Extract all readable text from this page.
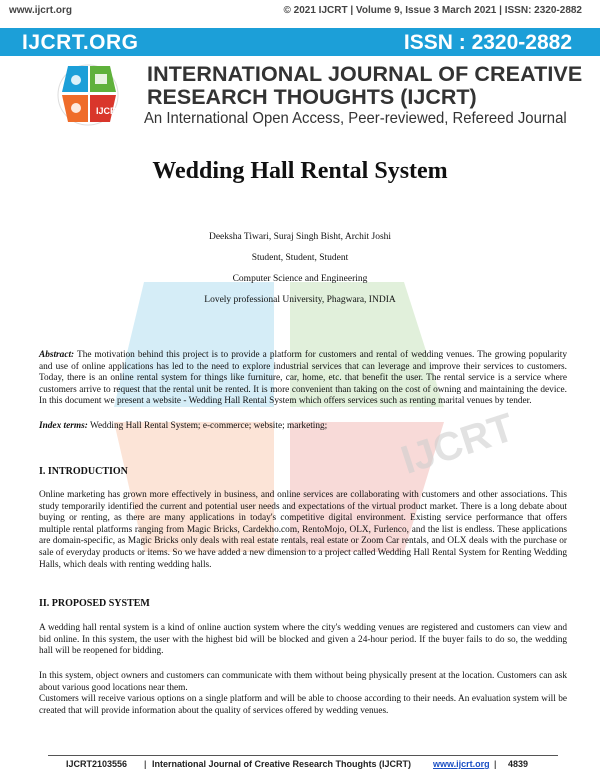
www.ijcrt.org	© 2021 IJCRT | Volume 9, Issue 3 March 2021 | ISSN: 2320-2882
IJCRT.ORG	ISSN : 2320-2882
IJCRT
INTERNATIONAL JOURNAL OF CREATIVE
RESEARCH THOUGHTS (IJCRT)
An International Open Access, Peer-reviewed, Refereed Journal
IJCRT
Wedding Hall Rental System
Deeksha Tiwari, Suraj Singh Bisht, Archit Joshi
Student, Student, Student
Computer Science and Engineering
Lovely professional University, Phagwara, INDIA
Abstract: The motivation behind this project is to provide a platform for customers and rental of wedding venues. The growing popularity and use of online applications has led to the need to explore industrial services that can leverage and improve their services to customers. Today, there is an online rental system for things like furniture, car, home, etc. that benefit the user. The rental service is a service where customers arrive to request that the rental unit be rented. It is more convenient than taking on the cost of owning and maintaining the device. In this document we present a website - Wedding Hall Rental System which offers services such as renting marital venues by tender.
Index terms: Wedding Hall Rental System; e-commerce; website; marketing;
I. INTRODUCTION
Online marketing has grown more effectively in business, and online services are collaborating with customers and other associations. This study temporarily identified the current and potential user needs and expectations of the virtual product market. There is a long debate about buying or renting, as there are many applications in today's competitive digital environment. Existing service performance that offers multiple rental platforms ranging from Magic Bricks, Cardekho.com, RentoMojo, OLX, Furlenco, and the list is endless. These applications are domain-specific, as Magic Bricks only deals with real estate rentals, real estate or Zoom Car rentals, and OLX deals with the purchase or sale of everyday products or items. So we have added a new dimension to a project called Wedding Hall Rental System for Renting Wedding Halls, which deals with renting wedding halls.
II. PROPOSED SYSTEM
A wedding hall rental system is a kind of online auction system where the city's wedding venues are registered and customers can view and bid online. In this system, the user with the highest bid will be blocked and given a 24-hour period. If the buyer fails to do so, the wedding hall will be reopened for bidding.
In this system, object owners and customers can communicate with them without being physically present at the location. Customers can ask about various good locations near them.
Customers will receive various options on a single platform and will be able to choose according to their needs. An evaluation system will be created that will provide information about the quality of services offered by wedding venues.
IJCRT2103556 | International Journal of Creative Research Thoughts (IJCRT) www.ijcrt.org | 4839
